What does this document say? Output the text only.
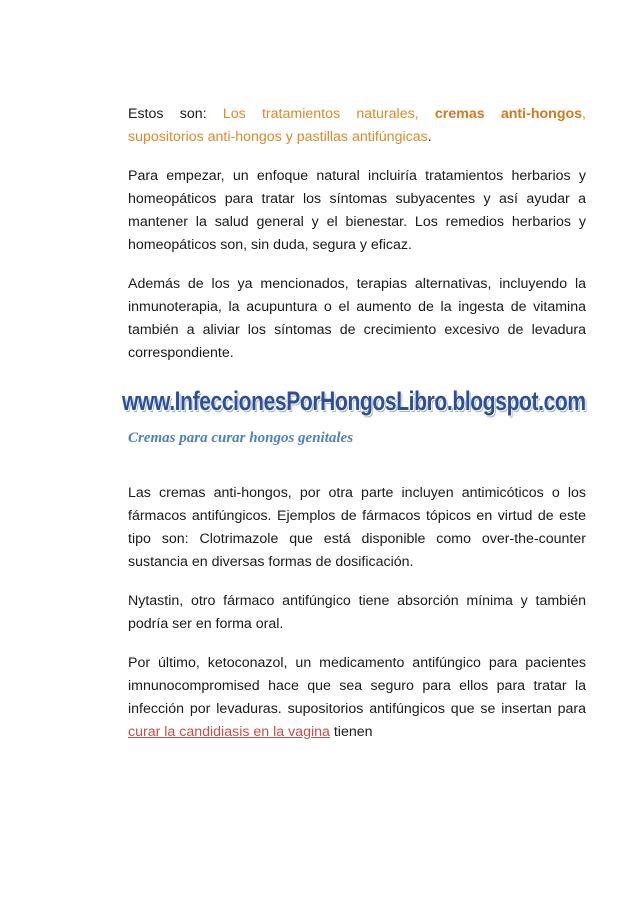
Estos son: Los tratamientos naturales, cremas anti-hongos, supositorios anti-hongos y pastillas antifúngicas.

Para empezar, un enfoque natural incluiría tratamientos herbarios y homeopáticos para tratar los síntomas subyacentes y así ayudar a mantener la salud general y el bienestar. Los remedios herbarios y homeopáticos son, sin duda, segura y eficaz.

Además de los ya mencionados, terapias alternativas, incluyendo la inmunoterapia, la acupuntura o el aumento de la ingesta de vitamina también a aliviar los síntomas de crecimiento excesivo de levadura correspondiente.

www.InfeccionesPorHongosLibro.blogspot.com
Cremas para curar hongos genitales

Las cremas anti-hongos, por otra parte incluyen antimicóticos o los fármacos antifúngicos. Ejemplos de fármacos tópicos en virtud de este tipo son: Clotrimazole que está disponible como over-the-counter sustancia en diversas formas de dosificación.

Nytastin, otro fármaco antifúngico tiene absorción mínima y también podría ser en forma oral.

Por último, ketoconazol, un medicamento antifúngico para pacientes imnunocompromised hace que sea seguro para ellos para tratar la infección por levaduras. supositorios antifúngicos que se insertan para curar la candidiasis en la vagina tienen
